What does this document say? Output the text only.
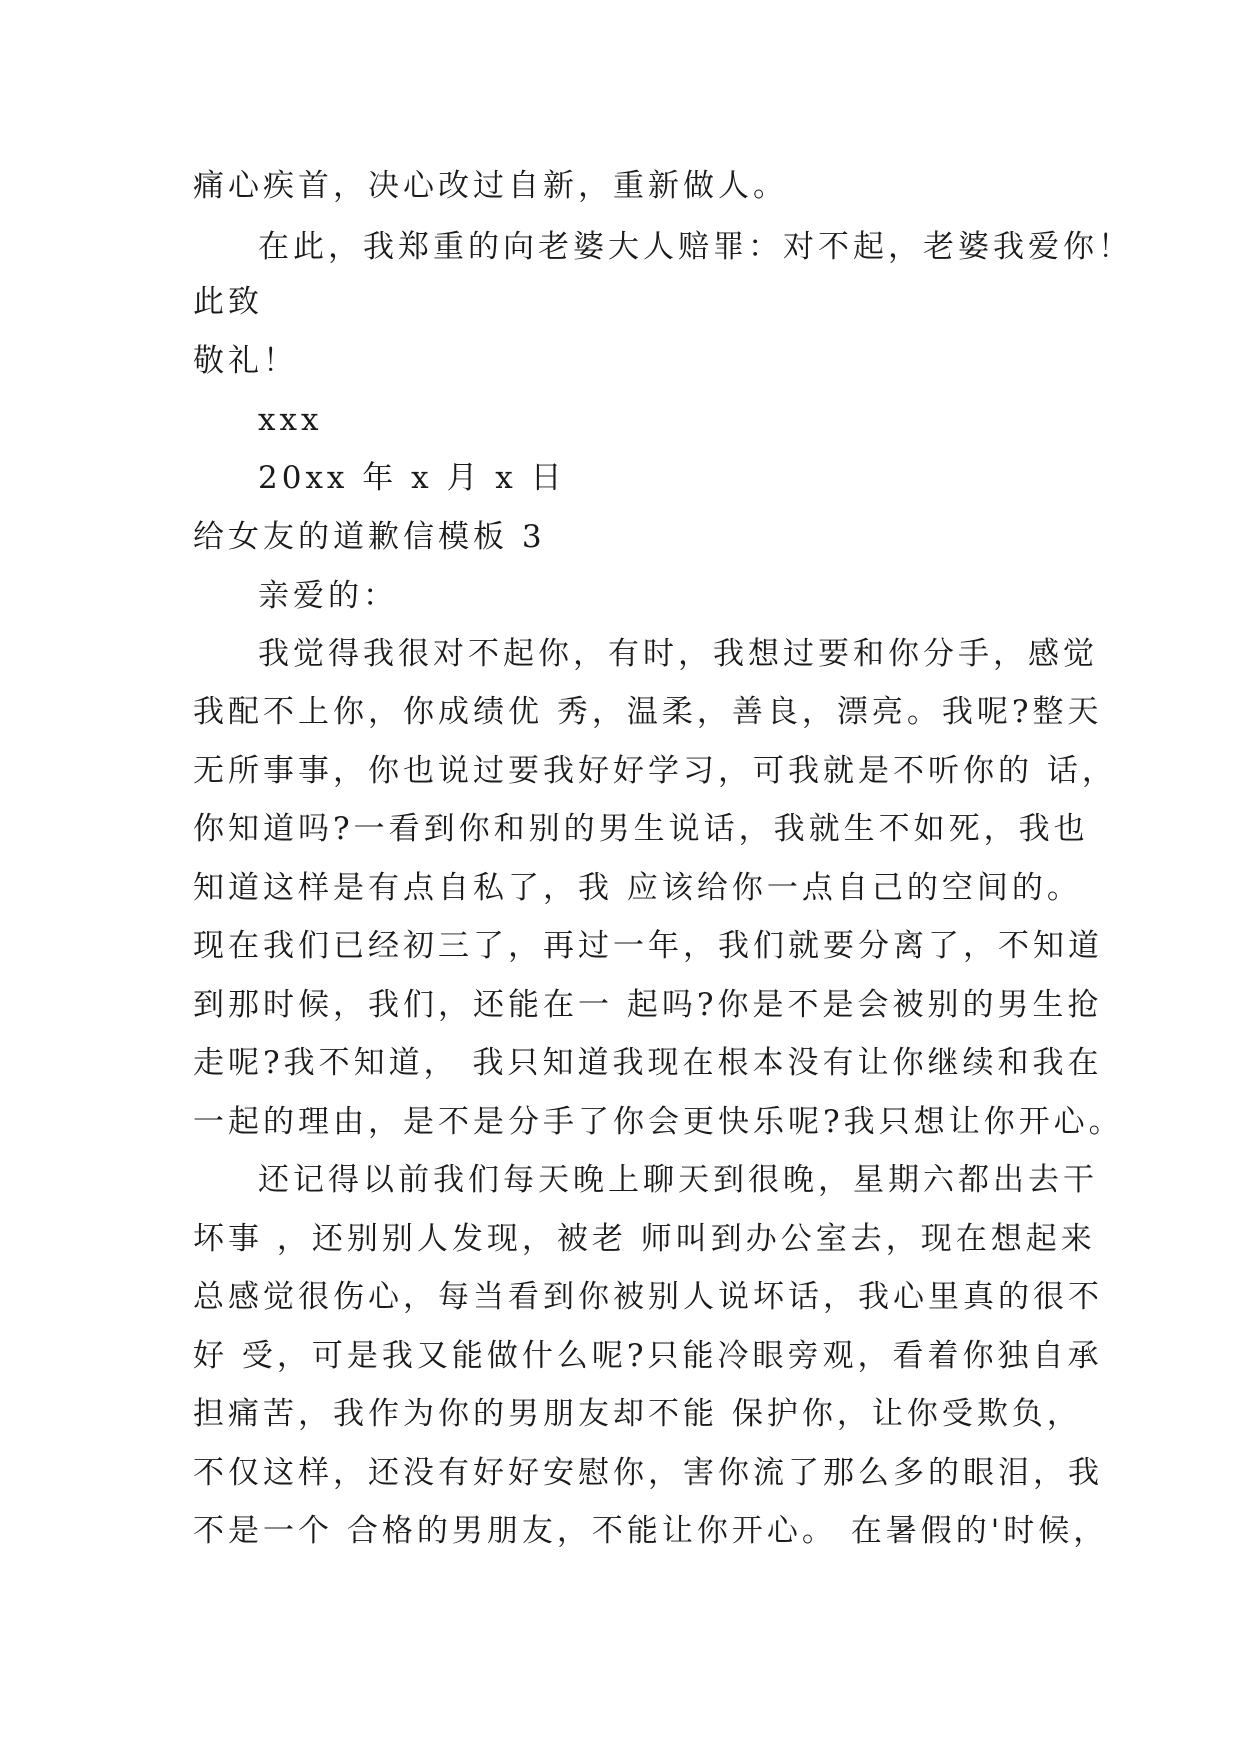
痛心疾首，决心改过自新，重新做人。
在此，我郑重的向老婆大人赔罪：对不起，老婆我爱你！
此致
敬礼！
xxx
20xx 年 x 月 x 日
给女友的道歉信模板 3
亲爱的：
我觉得我很对不起你，有时，我想过要和你分手，感觉
我配不上你，你成绩优 秀，温柔，善良，漂亮。我呢?整天
无所事事，你也说过要我好好学习，可我就是不听你的 话，
你知道吗?一看到你和别的男生说话，我就生不如死，我也
知道这样是有点自私了，我 应该给你一点自己的空间的。
现在我们已经初三了，再过一年，我们就要分离了，不知道
到那时候，我们，还能在一 起吗?你是不是会被别的男生抢
走呢?我不知道， 我只知道我现在根本没有让你继续和我在
一起的理由，是不是分手了你会更快乐呢?我只想让你开心。
还记得以前我们每天晚上聊天到很晚，星期六都出去干
坏事 ，还别别人发现，被老 师叫到办公室去，现在想起来
总感觉很伤心，每当看到你被别人说坏话，我心里真的很不
好 受，可是我又能做什么呢?只能冷眼旁观，看着你独自承
担痛苦，我作为你的男朋友却不能 保护你，让你受欺负，
不仅这样，还没有好好安慰你，害你流了那么多的眼泪，我
不是一个 合格的男朋友，不能让你开心。 在暑假的'时候，
